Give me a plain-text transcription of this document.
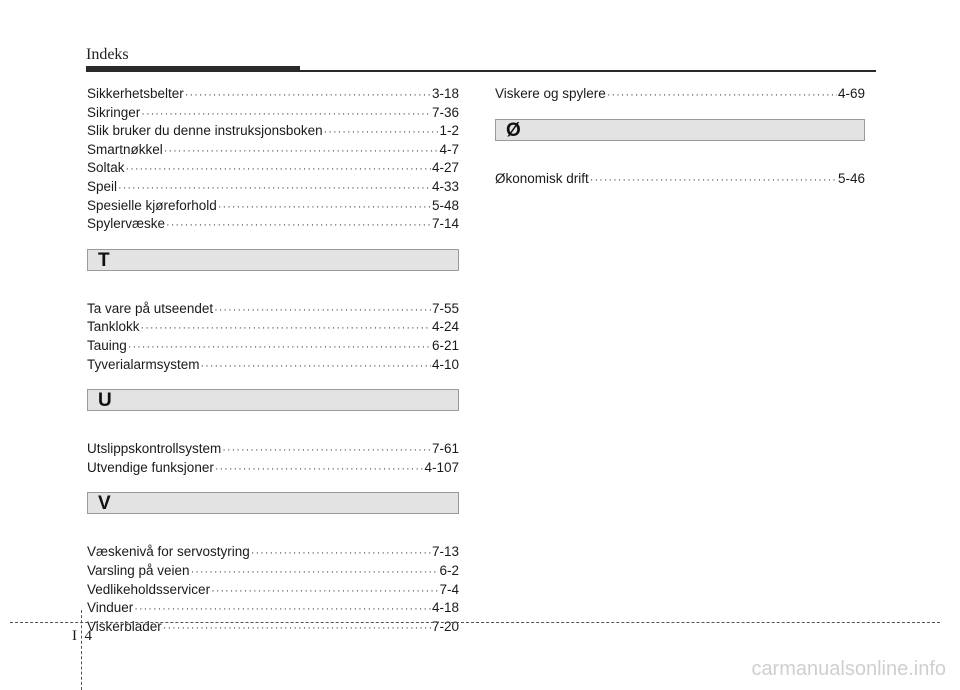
Indeks
Sikkerhetsbelter ·····	3-18
Sikringer ·····	7-36
Slik bruker du denne instruksjonsboken ·····	1-2
Smartnøkkel ·····	4-7
Soltak ·····	4-27
Speil ·····	4-33
Spesielle kjøreforhold ·····	5-48
Spylervæske ·····	7-14
T
Ta vare på utseendet ·····	7-55
Tanklokk ·····	4-24
Tauing ·····	6-21
Tyverialarmsystem ·····	4-10
U
Utslippskontrollsystem ·····	7-61
Utvendige funksjoner ·····	4-107
V
Væskenivå for servostyring ·····	7-13
Varsling på veien ·····	6-2
Vedlikeholdsservicer ·····	7-4
Vinduer ·····	4-18
Viskerblader ·····	7-20
Viskere og spylere ·····	4-69
Ø
Økonomisk drift ·····	5-46
I 4
carmanualsonline.info
